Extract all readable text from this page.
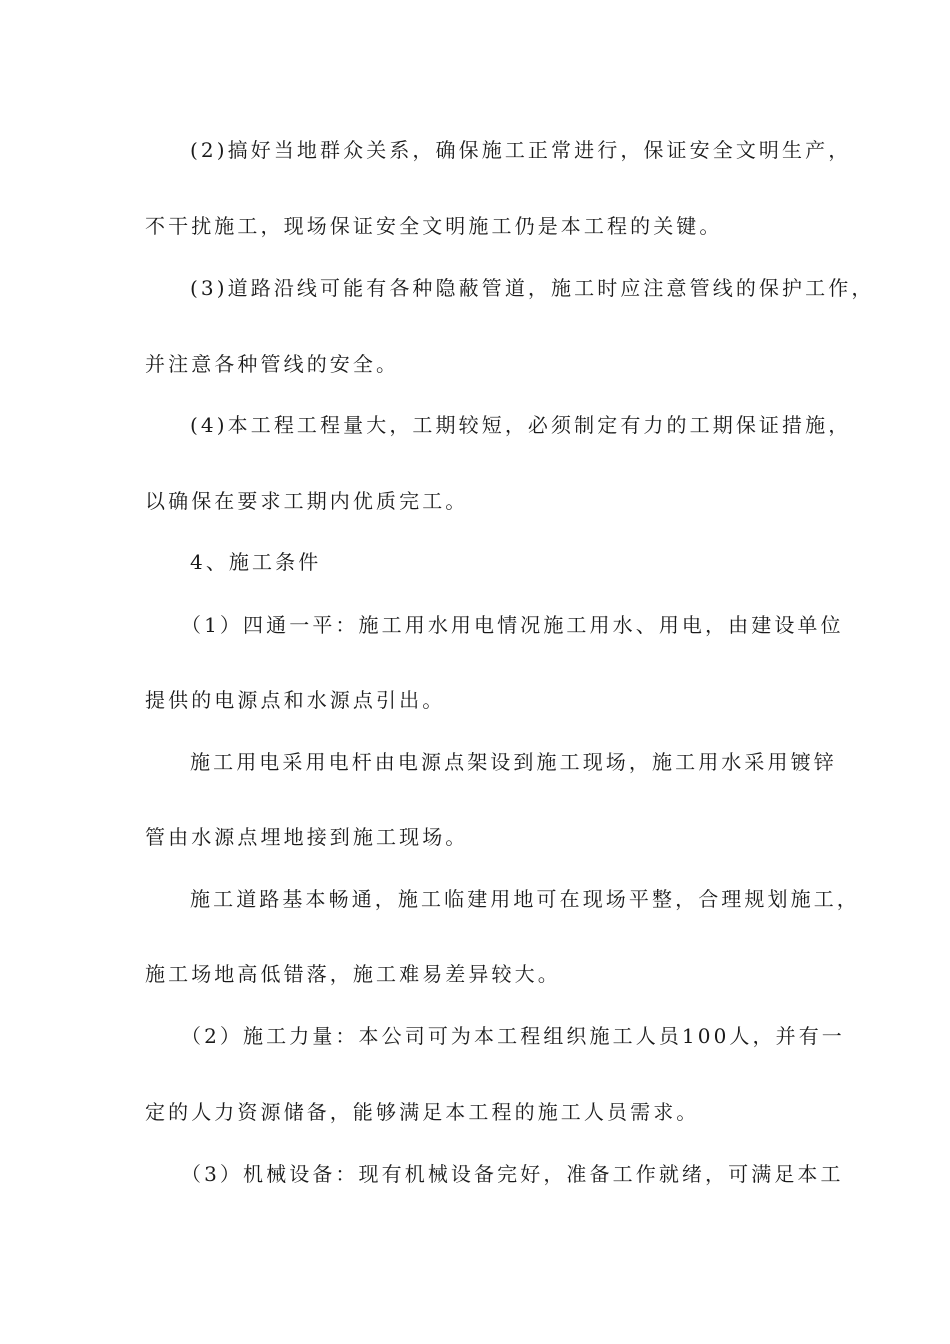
(2)搞好当地群众关系，确保施工正常进行，保证安全文明生产，
不干扰施工，现场保证安全文明施工仍是本工程的关键。
(3)道路沿线可能有各种隐蔽管道，施工时应注意管线的保护工作，
并注意各种管线的安全。
(4)本工程工程量大，工期较短，必须制定有力的工期保证措施，
以确保在要求工期内优质完工。
4、施工条件
（1）四通一平：施工用水用电情况施工用水、用电，由建设单位
提供的电源点和水源点引出。
施工用电采用电杆由电源点架设到施工现场，施工用水采用镀锌
管由水源点埋地接到施工现场。
施工道路基本畅通，施工临建用地可在现场平整，合理规划施工，
施工场地高低错落，施工难易差异较大。
（2）施工力量：本公司可为本工程组织施工人员100人，并有一
定的人力资源储备，能够满足本工程的施工人员需求。
（3）机械设备：现有机械设备完好，准备工作就绪，可满足本工
